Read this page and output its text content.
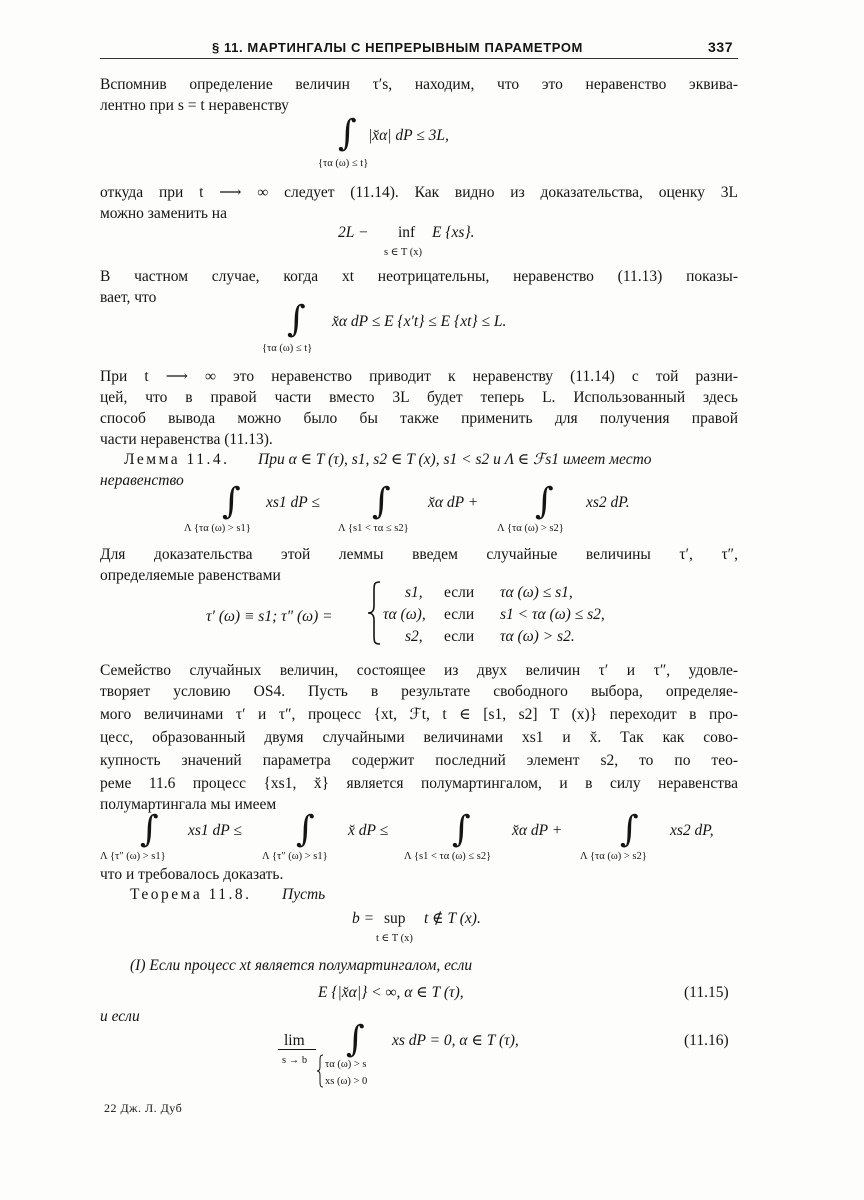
§ 11. МАРТИНГАЛЫ С НЕПРЕРЫВНЫМ ПАРАМЕТРОМ	337
Вспомнив определение величин τ′s, находим, что это неравенство эквива-
лентно при s = t неравенству
∫ |x̆α| dP ≤ 3L,
{τα (ω) ≤ t}
откуда при t ⟶ ∞ следует (11.14). Как видно из доказательства, оценку 3L
можно заменить на
2L − inf
s ∈ T (x)
E {xs}.
В частном случае, когда xt неотрицательны, неравенство (11.13) показы-
вает, что
∫ x̆α dP ≤ E {x′t} ≤ E {xt} ≤ L.
{τα (ω) ≤ t}
При t ⟶ ∞ это неравенство приводит к неравенству (11.14) с той разни-
цей, что в правой части вместо 3L будет теперь L. Использованный здесь
способ вывода можно было бы также применить для получения правой
части неравенства (11.13).
Лемма 11.4. При α ∈ T (τ), s1, s2 ∈ T (x), s1 < s2 и Λ ∈ ℱs1 имеет место
неравенство
∫ xs1 dP ≤
Λ {τα (ω) > s1}
∫ x̆α dP +
Λ {s1 < τα ≤ s2}
∫ xs2 dP.
Λ {τα (ω) > s2}
Для доказательства этой леммы введем случайные величины τ′, τ″,
определяемые равенствами
τ′ (ω) ≡ s1; τ″ (ω) =
s1, если τα (ω) ≤ s1,
τα (ω), если s1 < τα (ω) ≤ s2,
s2, если τα (ω) > s2.
Семейство случайных величин, состоящее из двух величин τ′ и τ″, удовле-
творяет условию OS4. Пусть в результате свободного выбора, определяе-
мого величинами τ′ и τ″, процесс {xt, ℱt, t ∈ [s1, s2] T (x)} переходит в про-
цесс, образованный двумя случайными величинами xs1 и x̆. Так как сово-
купность значений параметра содержит последний элемент s2, то по тео-
реме 11.6 процесс {xs1, x̆} является полумартингалом, и в силу неравенства
полумартингала мы имеем
∫ xs1 dP ≤
Λ {τ″ (ω) > s1}
∫ x̆ dP ≤
Λ {τ″ (ω) > s1}
∫	x̆α dP +
Λ {s1 < τα (ω) ≤ s2}
∫ xs2 dP,
Λ {τα (ω) > s2}
что и требовалось доказать.
Теорема 11.8. Пусть
b = sup
t ∈ T (x)
t ∉ T (x).
(I) Если процесс xt является полумартингалом, если
E {|x̆α|} < ∞, α ∈ T (τ),	(11.15)
и если
lim
s → b
∫ xs dP = 0, α ∈ T (τ),
τα (ω) > s
xs (ω) > 0
(11.16)
22 Дж. Л. Дуб
